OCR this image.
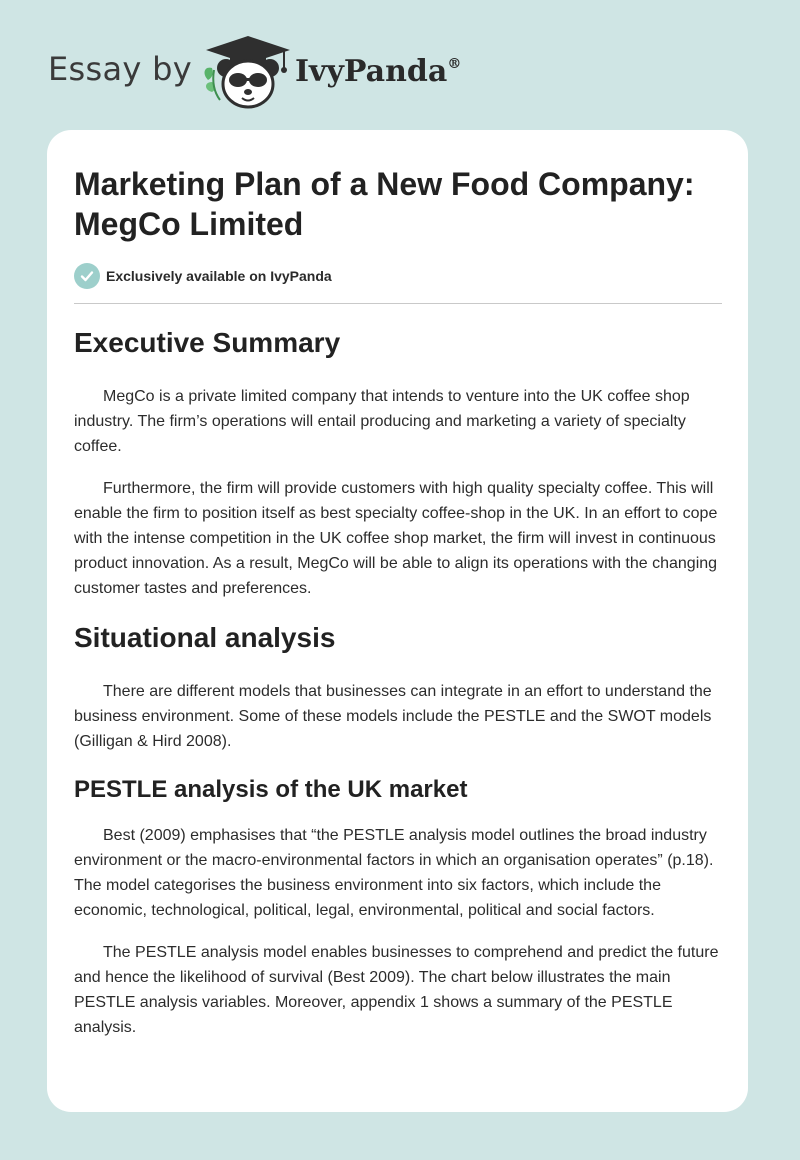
Essay by	IvyPanda®
Marketing Plan of a New Food Company: MegCo Limited
Exclusively available on IvyPanda
Executive Summary

MegCo is a private limited company that intends to venture into the UK coffee shop industry. The firm’s operations will entail producing and marketing a variety of specialty coffee.

Furthermore, the firm will provide customers with high quality specialty coffee. This will enable the firm to position itself as best specialty coffee-shop in the UK. In an effort to cope with the intense competition in the UK coffee shop market, the firm will invest in continuous product innovation. As a result, MegCo will be able to align its operations with the changing customer tastes and preferences.

Situational analysis

There are different models that businesses can integrate in an effort to understand the business environment. Some of these models include the PESTLE and the SWOT models (Gilligan & Hird 2008).

PESTLE analysis of the UK market

Best (2009) emphasises that “the PESTLE analysis model outlines the broad industry environment or the macro-environmental factors in which an organisation operates” (p.18). The model categorises the business environment into six factors, which include the economic, technological, political, legal, environmental, political and social factors.

The PESTLE analysis model enables businesses to comprehend and predict the future and hence the likelihood of survival (Best 2009). The chart below illustrates the main PESTLE analysis variables. Moreover, appendix 1 shows a summary of the PESTLE analysis.
